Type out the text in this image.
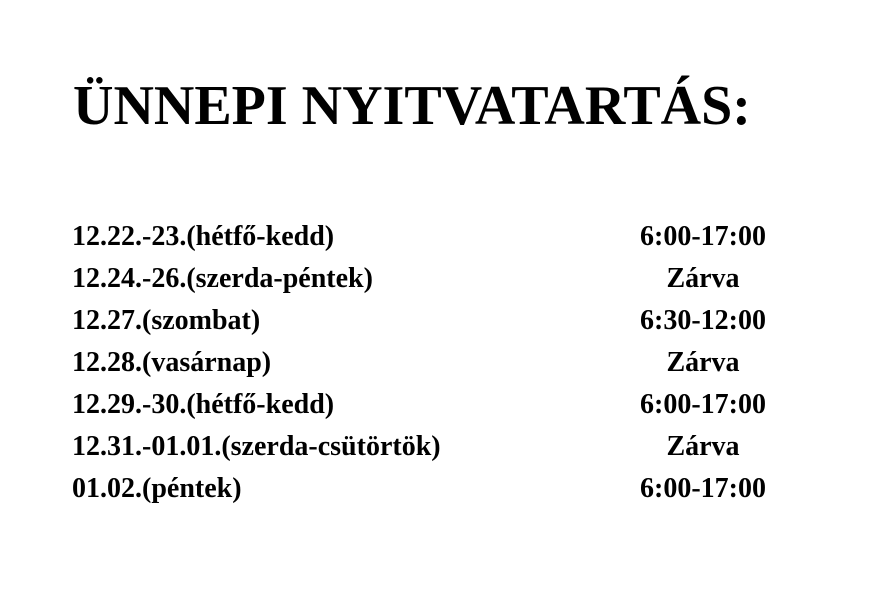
ÜNNEPI NYITVATARTÁS:
12.22.-23.(hétfő-kedd)	6:00-17:00
12.24.-26.(szerda-péntek)	Zárva
12.27.(szombat)	6:30-12:00
12.28.(vasárnap)	Zárva
12.29.-30.(hétfő-kedd)	6:00-17:00
12.31.-01.01.(szerda-csütörtök)	Zárva
01.02.(péntek)	6:00-17:00
